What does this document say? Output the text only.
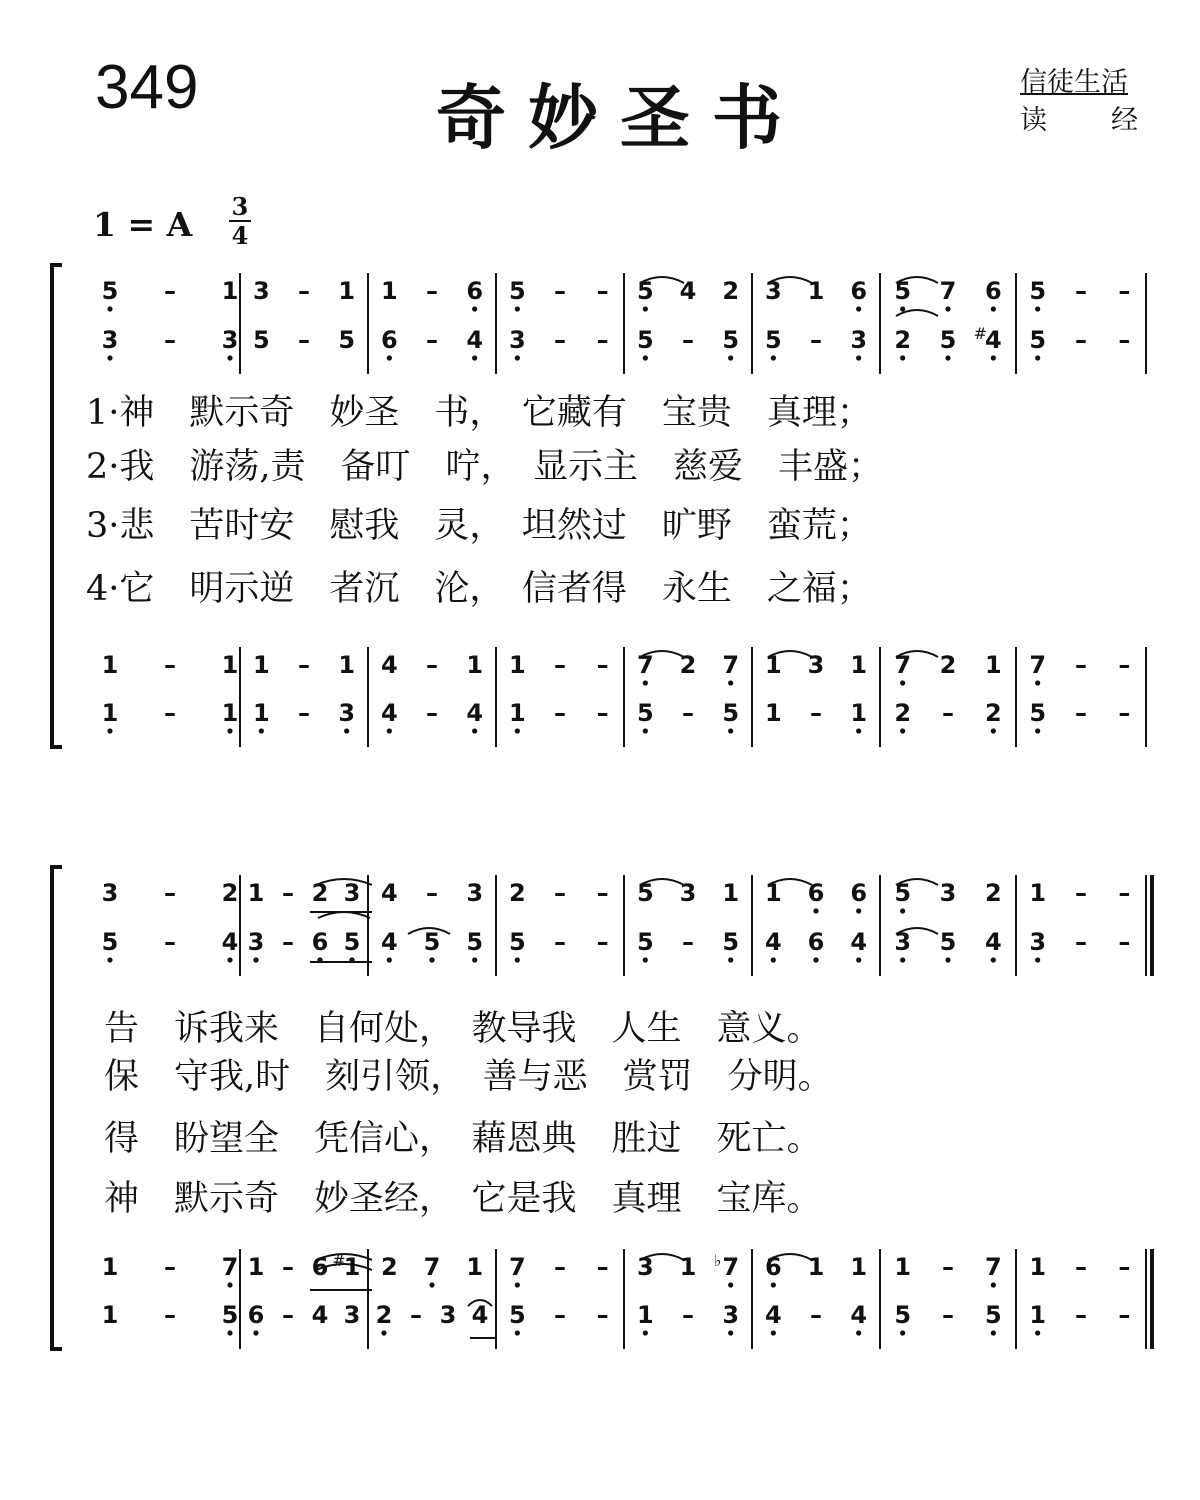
349	奇妙圣书	信徒生活
读 经
1 = A 3
4
5 – 1 3 – 1 1 – 6 5 – – 5 4 2 3 1 6 5 7 6 5 – –
3 – 3 5 – 5 6 – 4 3 – – 5 – 5 5 – 3 2 5 4
# 5 – –
1 – 1 1 – 1 4 – 1 1 – – 7 2 7 1 3 1 7 2 1 7 – –
1 – 1 1 – 3 4 – 4 1 – – 5 – 5 1 – 1 2 – 2 5 – –
3 – 2 1 – 2 3 4 – 3 2 – – 5 3 1 1 6 6 5 3 2 1 – –
5 – 4 3 – 6 5 4 5 5 5 – – 5 – 5 4 6 4 3 5 4 3 – –
1 – 7 1 – 6 1
# 2 7 1 7 – – 3 1 7
♭ 6 1 1 1 – 7 1 – –
1 – 5 6 – 4 3 2 – 3 4 5 – – 1 – 3 4 – 4 5 – 5 1 – –
1·神　默示奇　妙圣　书，　它藏有　宝贵　真理；
2·我　游荡,责　备叮　咛，　显示主　慈爱　丰盛；
3·悲　苦时安　慰我　灵，　坦然过　旷野　蛮荒；
4·它　明示逆　者沉　沦，　信者得　永生　之福；
告　诉我来　自何处，　教导我　人生　意义。
保　守我,时　刻引领，　善与恶　赏罚　分明。
得　盼望全　凭信心，　藉恩典　胜过　死亡。
神　默示奇　妙圣经，　它是我　真理　宝库。
